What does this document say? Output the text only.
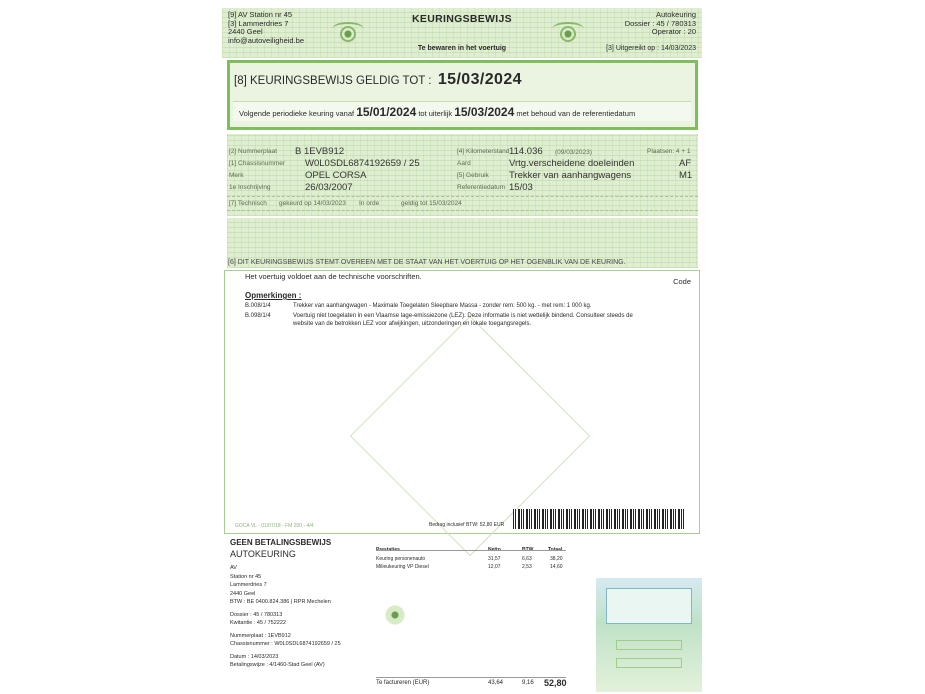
[9] AV Station nr 45
[3] Lammerdries 7
2440 Geel
info@autoveiligheid.be
KEURINGSBEWIJS
Te bewaren in het voertuig
Autokeuring
Dossier : 45 / 780313
Operator : 20
[3] Uitgereikt op : 14/03/2023
[8] KEURINGSBEWIJS GELDIG TOT : 15/03/2024
Volgende periodieke keuring vanaf 15/01/2024 tot uiterlijk 15/03/2024 met behoud van de referentiedatum
[2] Nummerplaat B 1EVB912
[1] Chassisnummer W0L0SDL6874192659 / 25
Merk	OPEL CORSA
1e Inschrijving	26/03/2007
[4] Kilometerstand 114.036 (09/03/2023)	Plaatsen: 4 + 1
Aard	Vrtg.verscheidene doeleinden	AF
[5] Gebruik Trekker van aanhangwagens	M1
Referentiedatum 15/03
[7] Technisch gekeurd op 14/03/2023 In orde	geldig tot 15/03/2024
[6] DIT KEURINGSBEWIJS STEMT OVEREEN MET DE STAAT VAN HET VOERTUIG OP HET OGENBLIK VAN DE KEURING.
Het voertuig voldoet aan de technische voorschriften.
Code
Opmerkingen :
B.008/1/4	Trekker van aanhangwagen - Maximale Toegelaten Sleepbare Massa - zonder rem: 500 kg. - met rem: 1 000 kg.
B.098/1/4	Voertuig niet toegelaten in een Vlaamse lage-emissiezone (LEZ). Deze informatie is niet wettelijk bindend. Consulteer steeds de website van de betrokken LEZ voor afwijkingen, uitzonderingen en lokale toegangsregels.
GOCA VL - 01/07/18 - FM 200 - 4/4	Bedrag inclusief BTW: 52,80 EUR
GEEN BETALINGSBEWIJS
AUTOKEURING
AV
Station nr 45
Lammerdries 7
2440 Geel
BTW : BE 0400.824.386 | RPR Mechelen
Dossier : 45 / 780313
Kwitantie : 45 / 752222
Nummerplaat : 1EVB912
Chassisnummer : W0L0SDL6874192659 / 25
Datum : 14/03/2023
Betalingswijze : 4/1460-Stad Geel (AV)
Prestaties	Netto	BTW	Totaal
Keuring personenauto	31,57	6,63	38,20
Milieukeuring VP Diesel	12,07	2,53	14,60
Te factureren (EUR)	43,64	9,16 52,80
